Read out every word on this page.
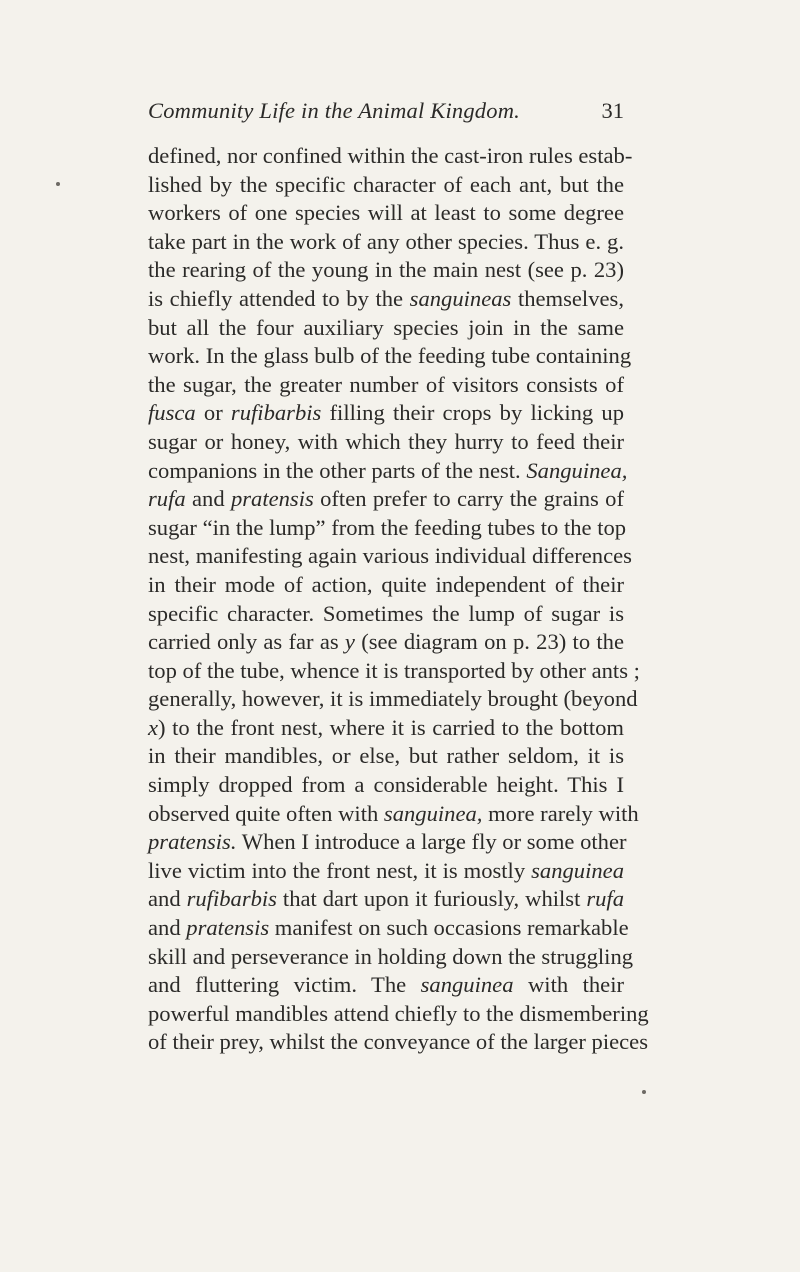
Community Life in the Animal Kingdom.	31
defined, nor confined within the cast-iron rules estab-
lished by the specific character of each ant, but the
workers of one species will at least to some degree
take part in the work of any other species. Thus e. g.
the rearing of the young in the main nest (see p. 23)
is chiefly attended to by the sanguineas themselves,
but all the four auxiliary species join in the same
work. In the glass bulb of the feeding tube containing
the sugar, the greater number of visitors consists of
fusca or rufibarbis filling their crops by licking up
sugar or honey, with which they hurry to feed their
companions in the other parts of the nest. Sanguinea,
rufa and pratensis often prefer to carry the grains of
sugar “in the lump” from the feeding tubes to the top
nest, manifesting again various individual differences
in their mode of action, quite independent of their
specific character. Sometimes the lump of sugar is
carried only as far as y (see diagram on p. 23) to the
top of the tube, whence it is transported by other ants ;
generally, however, it is immediately brought (beyond
x) to the front nest, where it is carried to the bottom
in their mandibles, or else, but rather seldom, it is
simply dropped from a considerable height. This I
observed quite often with sanguinea, more rarely with
pratensis. When I introduce a large fly or some other
live victim into the front nest, it is mostly sanguinea
and rufibarbis that dart upon it furiously, whilst rufa
and pratensis manifest on such occasions remarkable
skill and perseverance in holding down the struggling
and fluttering victim. The sanguinea with their
powerful mandibles attend chiefly to the dismembering
of their prey, whilst the conveyance of the larger pieces
